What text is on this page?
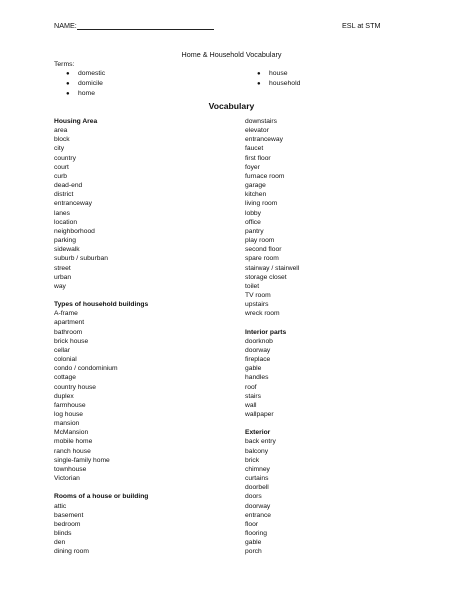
NAME:	ESL at STM
Home & Household Vocabulary
Terms:
● domestic
● domicile
● home
● house
● household
Vocabulary
Housing Area
area
block
city
country
court
curb
dead-end
district
entranceway
lanes
location
neighborhood
parking
sidewalk
suburb / suburban
street
urban
way
Types of household buildings
A-frame
apartment
bathroom
brick house
cellar
colonial
condo / condominium
cottage
country house
duplex
farmhouse
log house
mansion
McMansion
mobile home
ranch house
single-family home
townhouse
Victorian
Rooms of a house or building
attic
basement
bedroom
blinds
den
dining room
downstairs
elevator
entranceway
faucet
first floor
foyer
furnace room
garage
kitchen
living room
lobby
office
pantry
play room
second floor
spare room
stairway / stairwell
storage closet
toilet
TV room
upstairs
wreck room
Interior parts
doorknob
doorway
fireplace
gable
handles
roof
stairs
wall
wallpaper
Exterior
back entry
balcony
brick
chimney
curtains
doorbell
doors
doorway
entrance
floor
flooring
gable
porch
